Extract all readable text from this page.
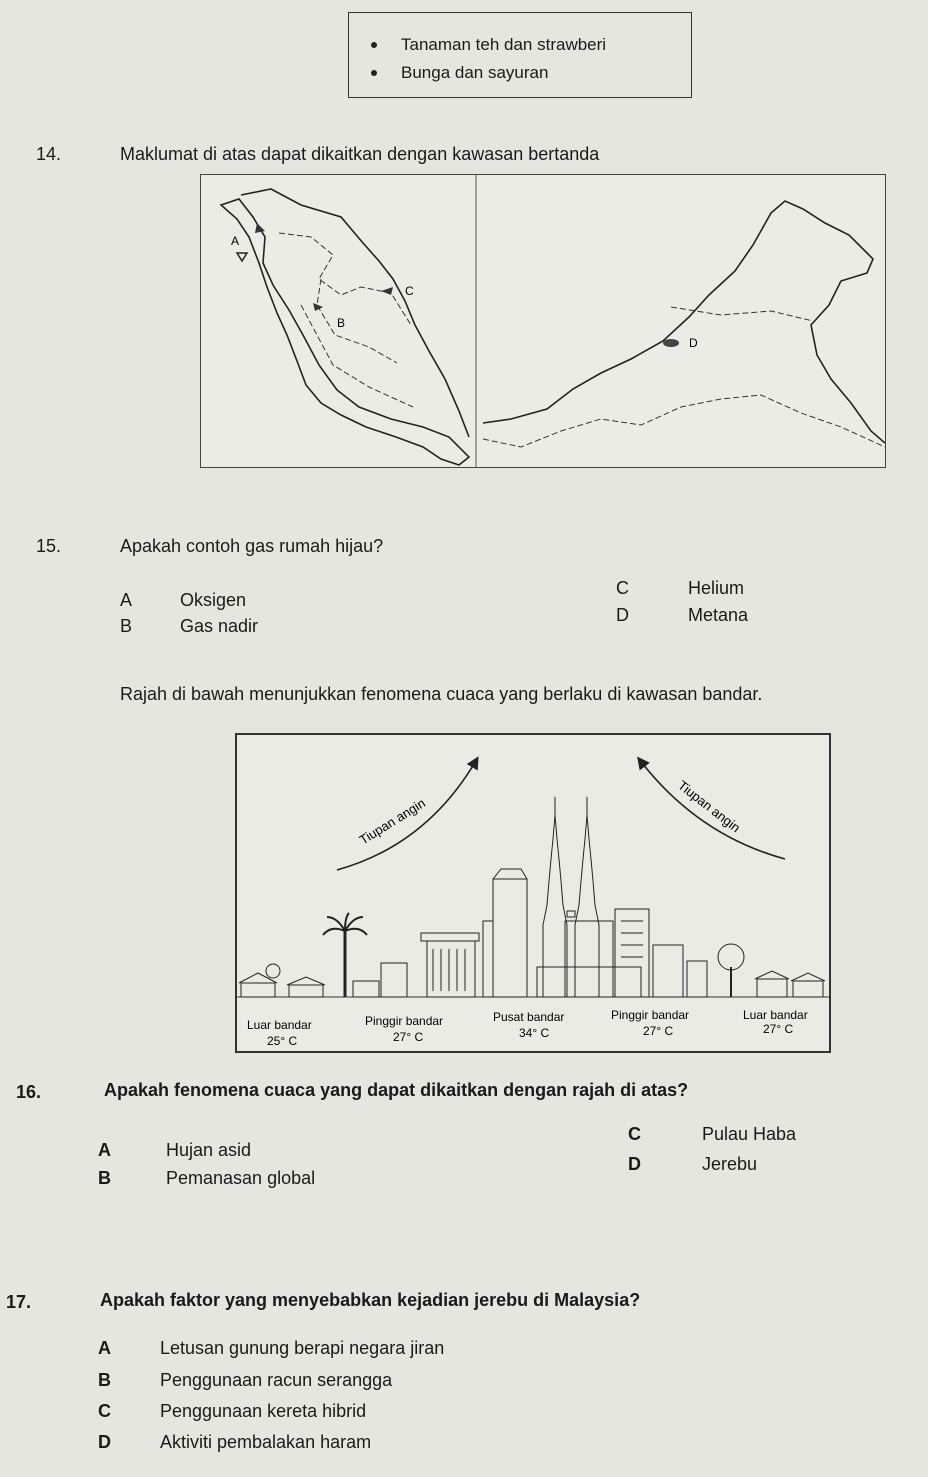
Tanaman teh dan strawberi
Bunga dan sayuran
14.	Maklumat di atas dapat dikaitkan dengan kawasan bertanda
A
B
C
D
15.	Apakah contoh gas rumah hijau?
A	Oksigen
B	Gas nadir
C	Helium
D	Metana
Rajah di bawah menunjukkan fenomena cuaca yang berlaku di kawasan bandar.
Tiupan angin	Tiupan angin
Luar bandar
25° C
Pinggir bandar
27° C
Pusat bandar
34° C
Pinggir bandar
27° C
Luar bandar
27° C
16.	Apakah fenomena cuaca yang dapat dikaitkan dengan rajah di atas?
A	Hujan asid
B	Pemanasan global
C	Pulau Haba
D	Jerebu
17.	Apakah faktor yang menyebabkan kejadian jerebu di Malaysia?
A	Letusan gunung berapi negara jiran
B	Penggunaan racun serangga
C	Penggunaan kereta hibrid
D	Aktiviti pembalakan haram
